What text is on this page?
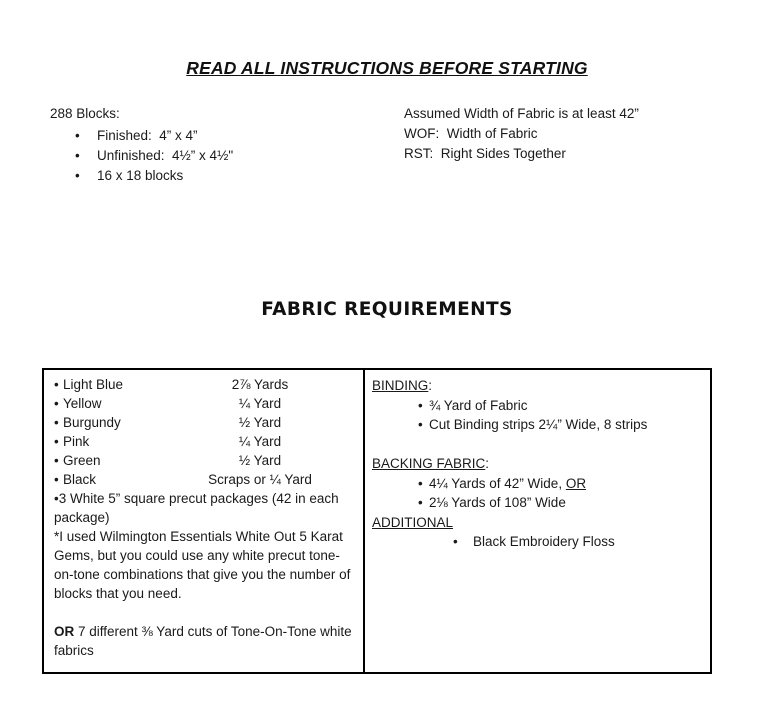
READ ALL INSTRUCTIONS BEFORE STARTING
288 Blocks:
• Finished:  4” x 4”
• Unfinished:  4½” x 4½"
• 16 x 18 blocks
Assumed Width of Fabric is at least 42”
WOF:  Width of Fabric
RST:  Right Sides Together
FABRIC REQUIREMENTS
• Light Blue	2⅞ Yards
• Yellow	¼ Yard
• Burgundy	½ Yard
• Pink	¼ Yard
• Green	½ Yard
• Black	Scraps or ¼ Yard

•3 White 5” square precut packages (42 in each package)

*I used Wilmington Essentials White Out 5 Karat Gems, but you could use any white precut tone-on-tone combinations that give you the number of blocks that you need.

OR 7 different ⅜ Yard cuts of Tone-On-Tone white fabrics

BINDING:
• ¾ Yard of Fabric
• Cut Binding strips 2¼” Wide, 8 strips
BACKING FABRIC:
• 4¼ Yards of 42” Wide, OR
• 2⅛ Yards of 108” Wide
ADDITIONAL
• Black Embroidery Floss
